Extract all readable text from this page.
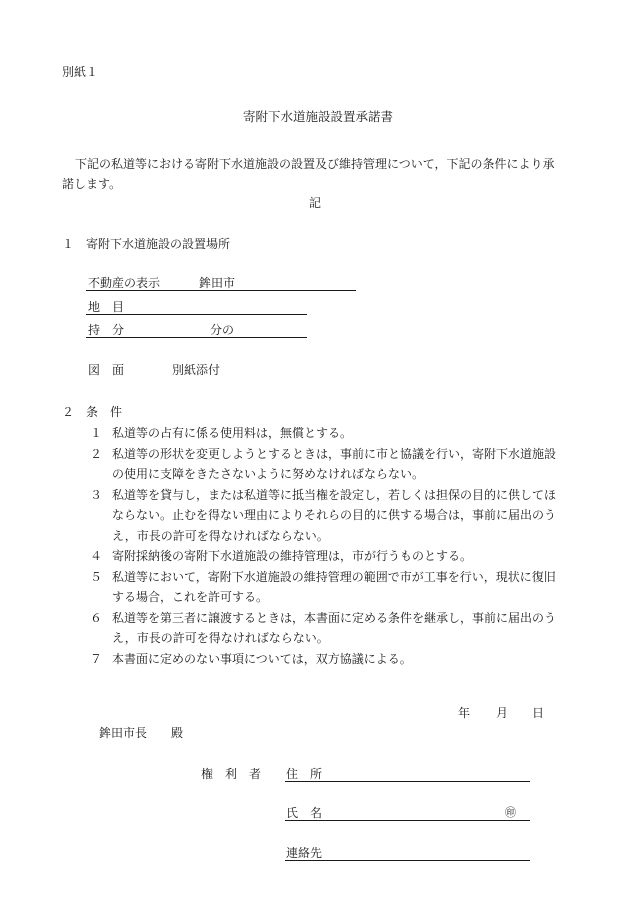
別紙１
寄附下水道施設設置承諾書
下記の私道等における寄附下水道施設の設置及び維持管理について，下記の条件により承
諾します。
記
１　寄附下水道施設の設置場所
不動産の表示	鉾田市
地　目
持　分	分の
図　面	別紙添付
２　条　件
１ 私道等の占有に係る使用料は，無償とする。
２ 私道等の形状を変更しようとするときは，事前に市と協議を行い，寄附下水道施設
の使用に支障をきたさないように努めなければならない。
３ 私道等を貸与し，または私道等に抵当権を設定し，若しくは担保の目的に供してほ
ならない。止むを得ない理由によりそれらの目的に供する場合は，事前に届出のう
え，市長の許可を得なければならない。
４ 寄附採納後の寄附下水道施設の維持管理は，市が行うものとする。
５ 私道等において，寄附下水道施設の維持管理の範囲で市が工事を行い，現状に復旧
する場合，これを許可する。
６ 私道等を第三者に譲渡するときは，本書面に定める条件を継承し，事前に届出のう
え，市長の許可を得なければならない。
７ 本書面に定めのない事項については，双方協議による。
年 月 日
鉾田市長　　殿
権　利　者 住　所
氏　名	㊞
連絡先
